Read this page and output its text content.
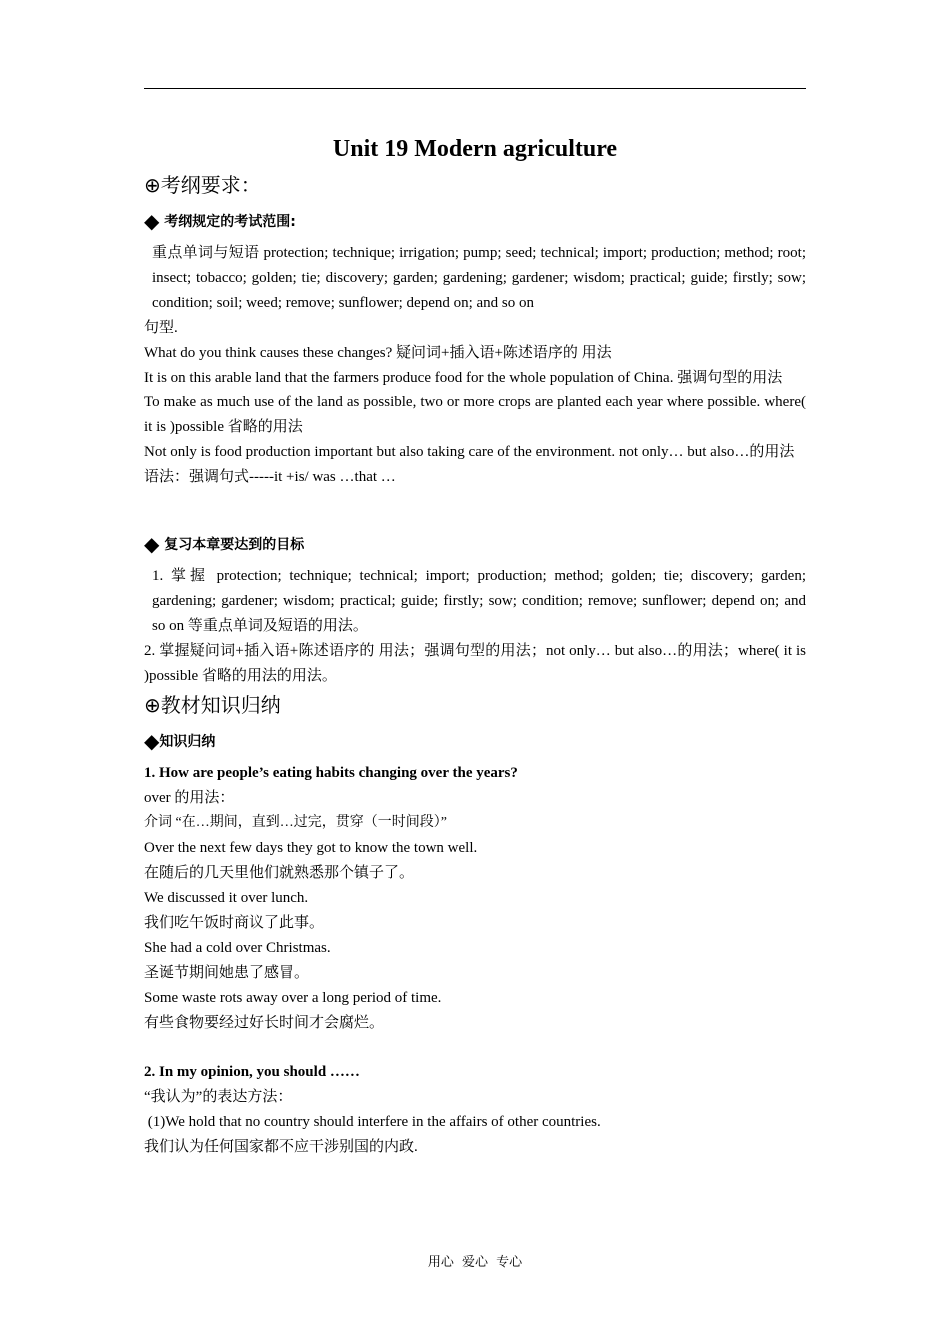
Unit 19 Modern agriculture
⊕考纲要求：
◆ 考纲规定的考试范围:

重点单词与短语 protection; technique; irrigation; pump; seed; technical; import; production; method; root; insect; tobacco; golden; tie; discovery; garden; gardening; gardener; wisdom; practical; guide; firstly; sow; condition; soil; weed; remove; sunflower; depend on; and so on

句型.

What do you think causes these changes? 疑问词+插入语+陈述语序的 用法

It is on this arable land that the farmers produce food for the whole population of China. 强调句型的用法

To make as much use of the land as possible, two or more crops are planted each year where possible. where( it is )possible 省略的用法

Not only is food production important but also taking care of the environment. not only… but also…的用法

语法：强调句式-----it +is/ was …that …

◆ 复习本章要达到的目标

1. 掌握 protection; technique; technical; import; production; method; golden; tie; discovery; garden; gardening; gardener; wisdom; practical; guide; firstly; sow; condition; remove; sunflower; depend on; and so on 等重点单词及短语的用法。

2. 掌握疑问词+插入语+陈述语序的 用法；强调句型的用法；not only… but also…的用法；where( it is )possible 省略的用法的用法。

⊕教材知识归纳
◆知识归纳

1. How are people’s eating habits changing over the years?

over 的用法：

介词 “在…期间，直到…过完，贯穿（一时间段）”

Over the next few days they got to know the town well.

在随后的几天里他们就熟悉那个镇子了。

We discussed it over lunch.

我们吃午饭时商议了此事。

She had a cold over Christmas.

圣诞节期间她患了感冒。

Some waste rots away over a long period of time.

有些食物要经过好长时间才会腐烂。

2. In my opinion, you should ……

“我认为”的表达方法：

(1)We hold that no country should interfere in the affairs of other countries.

我们认为任何国家都不应干涉别国的内政.

用心 爱心 专心
